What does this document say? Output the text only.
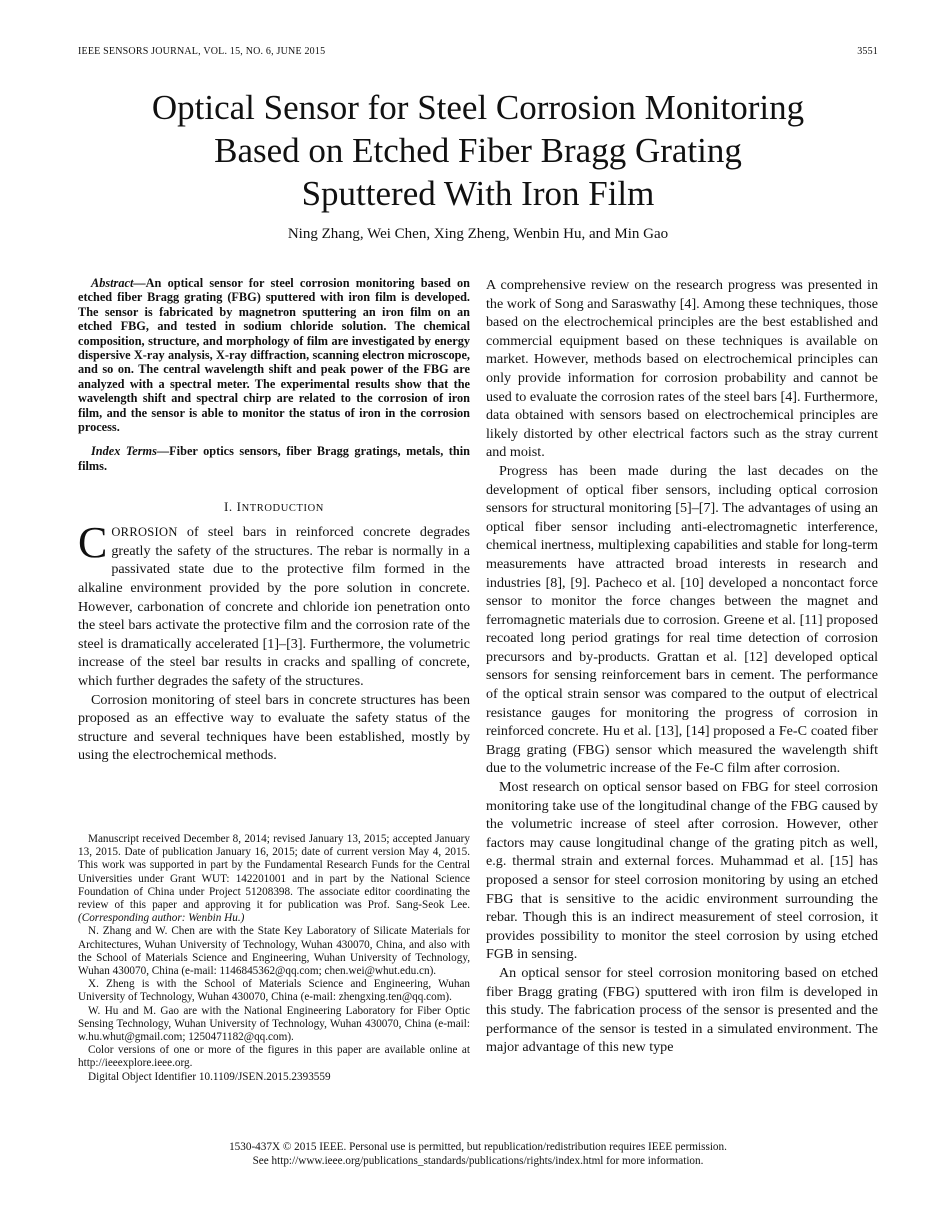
IEEE SENSORS JOURNAL, VOL. 15, NO. 6, JUNE 2015	3551
Optical Sensor for Steel Corrosion Monitoring
Based on Etched Fiber Bragg Grating
Sputtered With Iron Film
Ning Zhang, Wei Chen, Xing Zheng, Wenbin Hu, and Min Gao

Abstract—An optical sensor for steel corrosion monitoring based on etched fiber Bragg grating (FBG) sputtered with iron film is developed. The sensor is fabricated by magnetron sputtering an iron film on an etched FBG, and tested in sodium chloride solution. The chemical composition, structure, and morphology of film are investigated by energy dispersive X-ray analysis, X-ray diffraction, scanning electron microscope, and so on. The central wavelength shift and peak power of the FBG are analyzed with a spectral meter. The experimental results show that the wavelength shift and spectral chirp are related to the corrosion of iron film, and the sensor is able to monitor the status of iron in the corrosion process.

Index Terms—Fiber optics sensors, fiber Bragg gratings, metals, thin films.

I. INTRODUCTION

CORROSION of steel bars in reinforced concrete degrades greatly the safety of the structures. The rebar is normally in a passivated state due to the protective film formed in the alkaline environment provided by the pore solution in concrete. However, carbonation of concrete and chloride ion penetration onto the steel bars activate the protective film and the corrosion rate of the steel is dramatically accelerated [1]–[3]. Furthermore, the volumetric increase of the steel bar results in cracks and spalling of concrete, which further degrades the safety of the structures.

Corrosion monitoring of steel bars in concrete structures has been proposed as an effective way to evaluate the safety status of the structure and several techniques have been established, mostly by using the electrochemical methods.

Manuscript received December 8, 2014; revised January 13, 2015; accepted January 13, 2015. Date of publication January 16, 2015; date of current version May 4, 2015. This work was supported in part by the Fundamental Research Funds for the Central Universities under Grant WUT: 142201001 and in part by the National Science Foundation of China under Project 51208398. The associate editor coordinating the review of this paper and approving it for publication was Prof. Sang-Seok Lee. (Corresponding author: Wenbin Hu.)

N. Zhang and W. Chen are with the State Key Laboratory of Silicate Materials for Architectures, Wuhan University of Technology, Wuhan 430070, China, and also with the School of Materials Science and Engineering, Wuhan University of Technology, Wuhan 430070, China (e-mail: 1146845362@qq.com; chen.wei@whut.edu.cn).

X. Zheng is with the School of Materials Science and Engineering, Wuhan University of Technology, Wuhan 430070, China (e-mail: zhengxing.ten@qq.com).

W. Hu and M. Gao are with the National Engineering Laboratory for Fiber Optic Sensing Technology, Wuhan University of Technology, Wuhan 430070, China (e-mail: w.hu.whut@gmail.com; 1250471182@qq.com).

Color versions of one or more of the figures in this paper are available online at http://ieeexplore.ieee.org.

Digital Object Identifier 10.1109/JSEN.2015.2393559

A comprehensive review on the research progress was presented in the work of Song and Saraswathy [4]. Among these techniques, those based on the electrochemical principles are the best established and commercial equipment based on these techniques is available on market. However, methods based on electrochemical principles can only provide information for corrosion probability and cannot be used to evaluate the corrosion rates of the steel bars [4]. Furthermore, data obtained with sensors based on electrochemical principles are likely distorted by other electrical factors such as the stray current and moist.

Progress has been made during the last decades on the development of optical fiber sensors, including optical corrosion sensors for structural monitoring [5]–[7]. The advantages of using an optical fiber sensor including anti-electromagnetic interference, chemical inertness, multiplexing capabilities and stable for long-term measurements have attracted broad interests in research and industries [8], [9]. Pacheco et al. [10] developed a noncontact force sensor to monitor the force changes between the magnet and ferromagnetic materials due to corrosion. Greene et al. [11] proposed recoated long period gratings for real time detection of corrosion precursors and by-products. Grattan et al. [12] developed optical sensors for sensing reinforcement bars in cement. The performance of the optical strain sensor was compared to the output of electrical resistance gauges for monitoring the progress of corrosion in reinforced concrete. Hu et al. [13], [14] proposed a Fe-C coated fiber Bragg grating (FBG) sensor which measured the wavelength shift due to the volumetric increase of the Fe-C film after corrosion.

Most research on optical sensor based on FBG for steel corrosion monitoring take use of the longitudinal change of the FBG caused by the volumetric increase of steel after corrosion. However, other factors may cause longitudinal change of the grating pitch as well, e.g. thermal strain and external forces. Muhammad et al. [15] has proposed a sensor for steel corrosion monitoring by using an etched FBG that is sensitive to the acidic environment surrounding the rebar. Though this is an indirect measurement of steel corrosion, it provides possibility to monitor the steel corrosion by using etched FGB in sensing.

An optical sensor for steel corrosion monitoring based on etched fiber Bragg grating (FBG) sputtered with iron film is developed in this study. The fabrication process of the sensor is presented and the performance of the sensor is tested in a simulated environment. The major advantage of this new type

1530-437X © 2015 IEEE. Personal use is permitted, but republication/redistribution requires IEEE permission.
See http://www.ieee.org/publications_standards/publications/rights/index.html for more information.
